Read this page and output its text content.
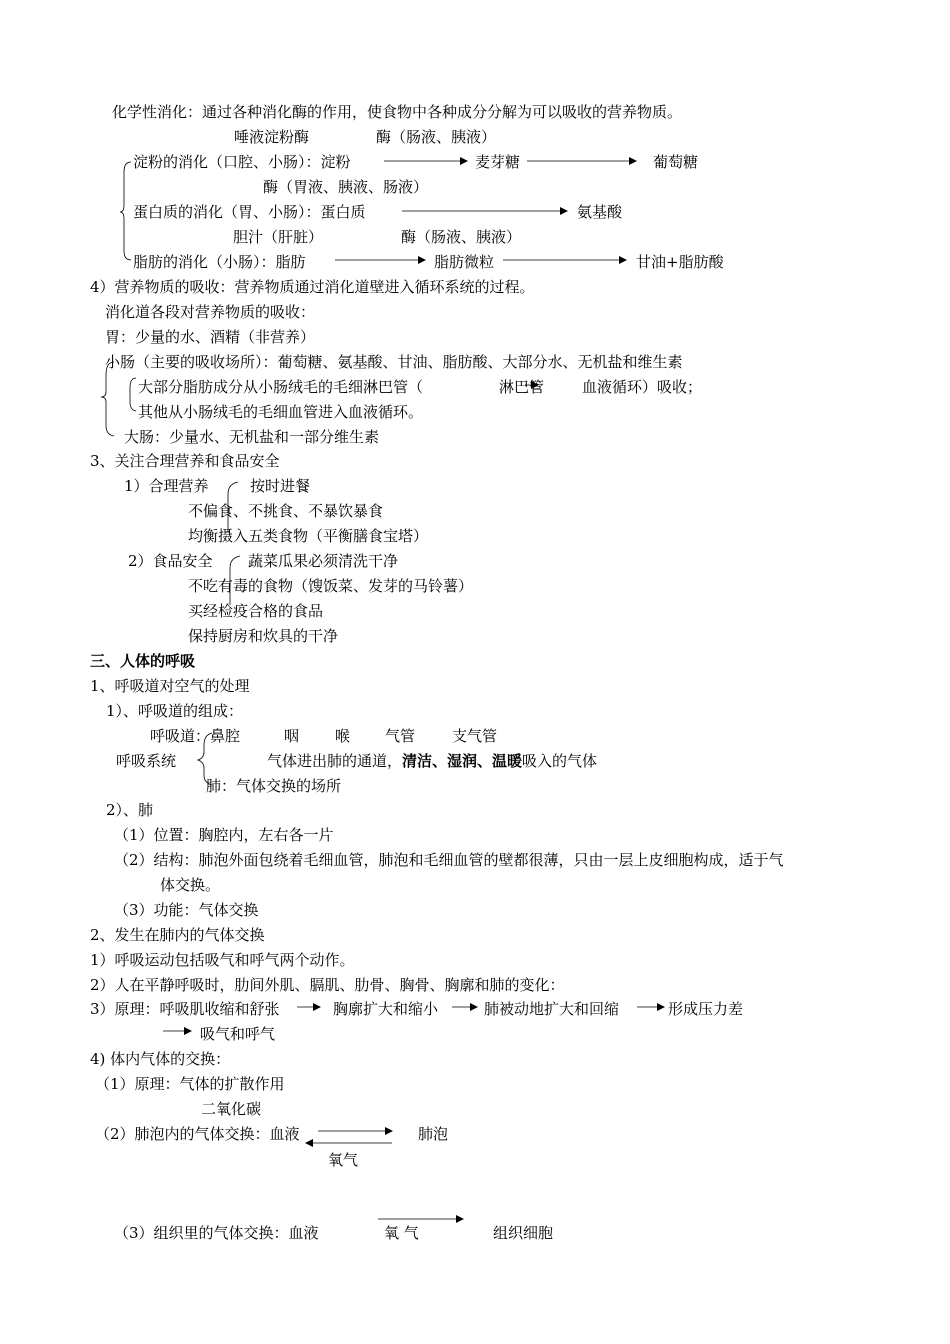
化学性消化：通过各种消化酶的作用，使食物中各种成分分解为可以吸收的营养物质。
唾液淀粉酶	酶（肠液、胰液）
淀粉的消化（口腔、小肠）：淀粉	麦芽糖	葡萄糖
酶（胃液、胰液、肠液）
蛋白质的消化（胃、小肠）：蛋白质	氨基酸
胆汁（肝脏）	酶（肠液、胰液）
脂肪的消化（小肠）：脂肪	脂肪微粒	甘油+脂肪酸
4）营养物质的吸收：营养物质通过消化道壁进入循环系统的过程。
消化道各段对营养物质的吸收：
胃：少量的水、酒精（非营养）
小肠（主要的吸收场所）：葡萄糖、氨基酸、甘油、脂肪酸、大部分水、无机盐和维生素
大部分脂肪成分从小肠绒毛的毛细淋巴管（	淋巴管	血液循环）吸收；
其他从小肠绒毛的毛细血管进入血液循环。
大肠：少量水、无机盐和一部分维生素
3、关注合理营养和食品安全
1）合理营养	按时进餐
不偏食、不挑食、不暴饮暴食
均衡摄入五类食物（平衡膳食宝塔）
2）食品安全 蔬菜瓜果必须清洗干净
不吃有毒的食物（馊饭菜、发芽的马铃薯）
买经检疫合格的食品
保持厨房和炊具的干净
三、人体的呼吸
1、呼吸道对空气的处理
1）、呼吸道的组成：
呼吸道：鼻腔	咽 喉 气管 支气管
呼吸系统	气体进出肺的通道，清洁、湿润、温暖吸入的气体
肺：气体交换的场所
2）、肺
（1）位置：胸腔内，左右各一片
（2）结构：肺泡外面包绕着毛细血管，肺泡和毛细血管的壁都很薄，只由一层上皮细胞构成，适于气
体交换。
（3）功能：气体交换
2、发生在肺内的气体交换
1）呼吸运动包括吸气和呼气两个动作。
2）人在平静呼吸时，肋间外肌、膈肌、肋骨、胸骨、胸廓和肺的变化：
3）原理：呼吸肌收缩和舒张	胸廓扩大和缩小	肺被动地扩大和回缩	形成压力差
吸气和呼气
4) 体内气体的交换：
（1）原理：气体的扩散作用
二氧化碳
（2）肺泡内的气体交换：血液	肺泡
氧气
（3）组织里的气体交换：血液	氧 气	组织细胞
